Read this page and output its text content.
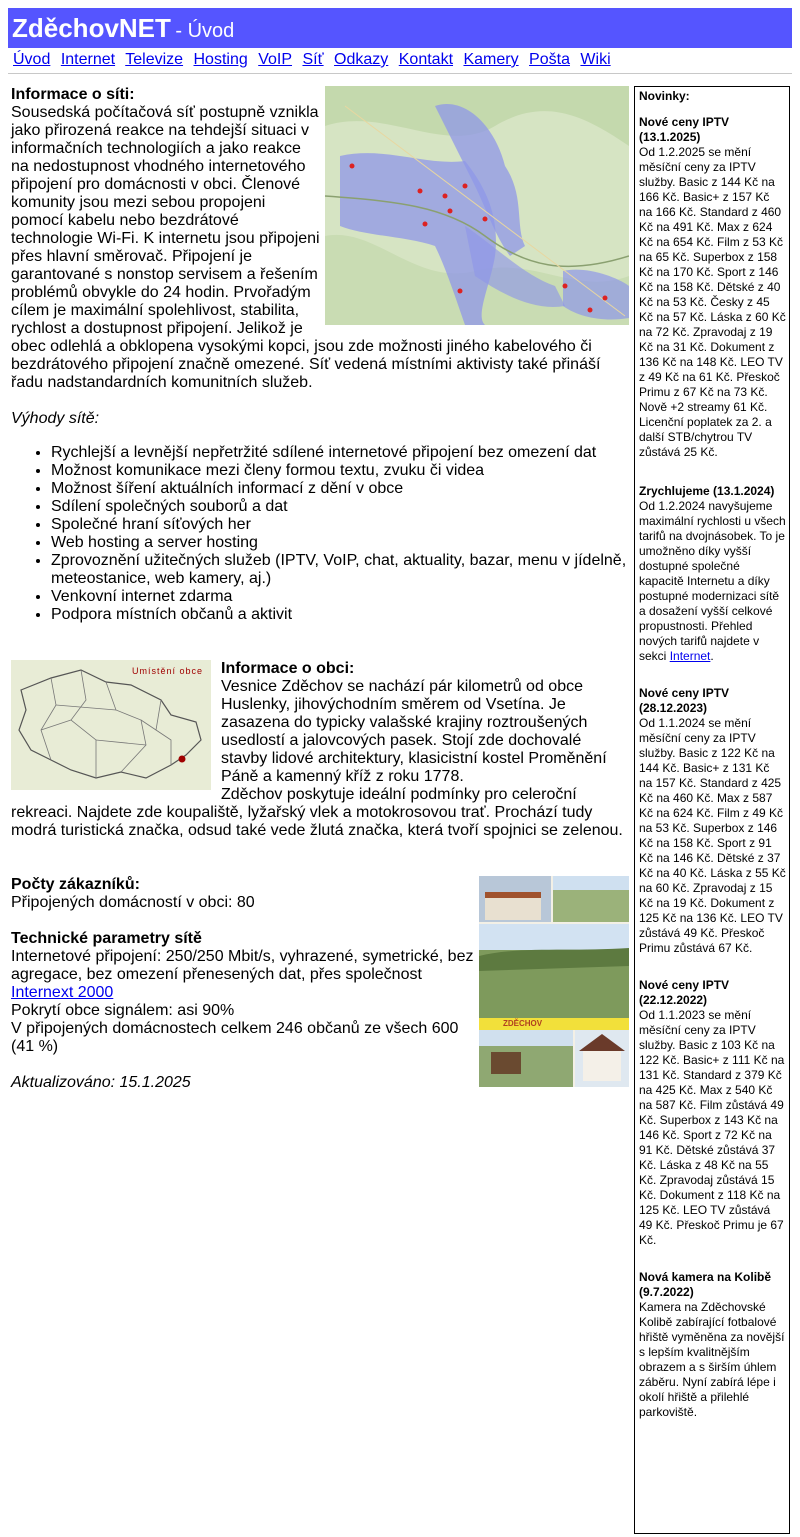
ZděchovNET - Úvod
Úvod Internet Televize Hosting VoIP Síť Odkazy Kontakt Kamery Pošta Wiki

Informace o síti:
Sousedská počítačová síť postupně vznikla jako přirozená reakce na tehdejší situaci v informačních technologiích a jako reakce na nedostupnost vhodného internetového připojení pro domácnosti v obci. Členové komunity jsou mezi sebou propojeni pomocí kabelu nebo bezdrátové technologie Wi-Fi. K internetu jsou připojeni přes hlavní směrovač. Připojení je garantované s nonstop servisem a řešením problémů obvykle do 24 hodin. Prvořadým cílem je maximální spolehlivost, stabilita, rychlost a dostupnost připojení. Jelikož je obec odlehlá a obklopena vysokými kopci, jsou zde možnosti jiného kabelového či bezdrátového připojení značně omezené. Síť vedená místními aktivisty také přináší řadu nadstandardních komunitních služeb.

Výhody sítě:

• Rychlejší a levnější nepřetržité sdílené internetové připojení bez omezení dat
• Možnost komunikace mezi členy formou textu, zvuku či videa
• Možnost šíření aktuálních informací z dění v obce
• Sdílení společných souborů a dat
• Společné hraní síťových her
• Web hosting a server hosting
• Zprovoznění užitečných služeb (IPTV, VoIP, chat, aktuality, bazar, menu v jídelně, meteostanice, web kamery, aj.)
• Venkovní internet zdarma
• Podpora místních občanů a aktivit
Umístění obce	Informace o obci:
Vesnice Zděchov se nachází pár kilometrů od obce Huslenky, jihovýchodním směrem od Vsetína. Je zasazena do typicky valašské krajiny roztroušených usedlostí a jalovcových pasek. Stojí zde dochovalé stavby lidové architektury, klasicistní kostel Proměnění Páně a kamenný kříž z roku 1778.
Zděchov poskytuje ideální podmínky pro celeroční rekreaci. Najdete zde koupaliště, lyžařský vlek a motokrosovou trať. Prochází tudy modrá turistická značka, odsud také vede žlutá značka, která tvoří spojnici se zelenou.

ZDĚCHOV

Počty zákazníků:
Připojených domácností v obci: 80

Technické parametry sítě
Internetové připojení: 250/250 Mbit/s, vyhrazené, symetrické, bez agregace, bez omezení přenesených dat, přes společnost
Internext 2000
Pokrytí obce signálem: asi 90%
V připojených domácnostech celkem 246 občanů ze všech 600 (41 %)

Aktualizováno: 15.1.2025

Novinky:
Nové ceny IPTV (13.1.2025)
Od 1.2.2025 se mění měsíční ceny za IPTV služby. Basic z 144 Kč na 166 Kč. Basic+ z 157 Kč na 166 Kč. Standard z 460 Kč na 491 Kč. Max z 624 Kč na 654 Kč. Film z 53 Kč na 65 Kč. Superbox z 158 Kč na 170 Kč. Sport z 146 Kč na 158 Kč. Dětské z 40 Kč na 53 Kč. Česky z 45 Kč na 57 Kč. Láska z 60 Kč na 72 Kč. Zpravodaj z 19 Kč na 31 Kč. Dokument z 136 Kč na 148 Kč. LEO TV z 49 Kč na 61 Kč. Přeskoč Primu z 67 Kč na 73 Kč. Nově +2 streamy 61 Kč. Licenční poplatek za 2. a další STB/chytrou TV zůstává 25 Kč.
Zrychlujeme (13.1.2024)
Od 1.2.2024 navyšujeme maximální rychlosti u všech tarifů na dvojnásobek. To je umožněno díky vyšší dostupné společné kapacitě Internetu a díky postupné modernizaci sítě a dosažení vyšší celkové propustnosti. Přehled nových tarifů najdete v sekci Internet.
Nové ceny IPTV (28.12.2023)
Od 1.1.2024 se mění měsíční ceny za IPTV služby. Basic z 122 Kč na 144 Kč. Basic+ z 131 Kč na 157 Kč. Standard z 425 Kč na 460 Kč. Max z 587 Kč na 624 Kč. Film z 49 Kč na 53 Kč. Superbox z 146 Kč na 158 Kč. Sport z 91 Kč na 146 Kč. Dětské z 37 Kč na 40 Kč. Láska z 55 Kč na 60 Kč. Zpravodaj z 15 Kč na 19 Kč. Dokument z 125 Kč na 136 Kč. LEO TV zůstává 49 Kč. Přeskoč Primu zůstává 67 Kč.
Nové ceny IPTV (22.12.2022)
Od 1.1.2023 se mění měsíční ceny za IPTV služby. Basic z 103 Kč na 122 Kč. Basic+ z 111 Kč na 131 Kč. Standard z 379 Kč na 425 Kč. Max z 540 Kč na 587 Kč. Film zůstává 49 Kč. Superbox z 143 Kč na 146 Kč. Sport z 72 Kč na 91 Kč. Dětské zůstává 37 Kč. Láska z 48 Kč na 55 Kč. Zpravodaj zůstává 15 Kč. Dokument z 118 Kč na 125 Kč. LEO TV zůstává 49 Kč. Přeskoč Primu je 67 Kč.
Nová kamera na Kolibě (9.7.2022)
Kamera na Zděchovské Kolibě zabírající fotbalové hřiště vyměněna za novější s lepším kvalitnějším obrazem a s širším úhlem záběru. Nyní zabírá lépe i okolí hřiště a přilehlé parkoviště.
